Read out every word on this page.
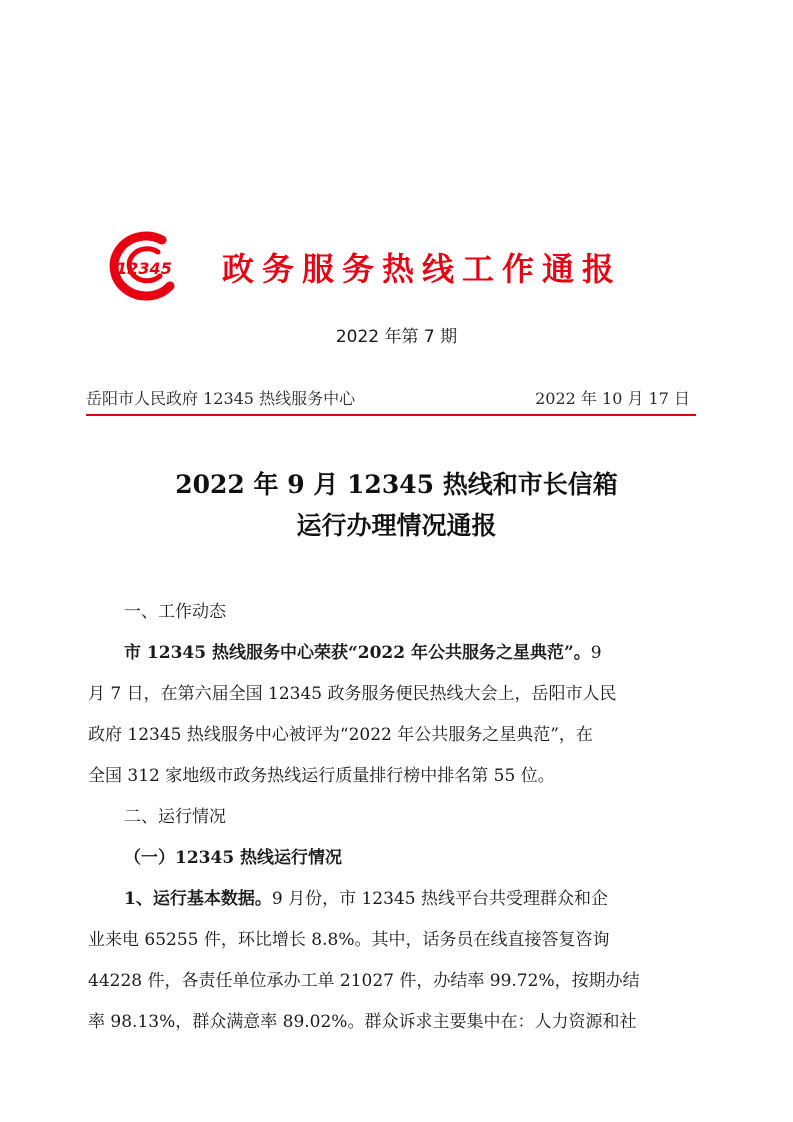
12345 政务服务热线工作通报
2022 年第 7 期
岳阳市人民政府 12345 热线服务中心	2022 年 10 月 17 日
2022 年 9 月 12345 热线和市长信箱
运行办理情况通报
一、工作动态
市 12345 热线服务中心荣获“2022 年公共服务之星典范”。9
月 7 日，在第六届全国 12345 政务服务便民热线大会上，岳阳市人民
政府 12345 热线服务中心被评为“2022 年公共服务之星典范”，在
全国 312 家地级市政务热线运行质量排行榜中排名第 55 位。
二、运行情况
（一）12345 热线运行情况
1、运行基本数据。9 月份，市 12345 热线平台共受理群众和企
业来电 65255 件，环比增长 8.8%。其中，话务员在线直接答复咨询
44228 件，各责任单位承办工单 21027 件，办结率 99.72%，按期办结
率 98.13%，群众满意率 89.02%。群众诉求主要集中在：人力资源和社
